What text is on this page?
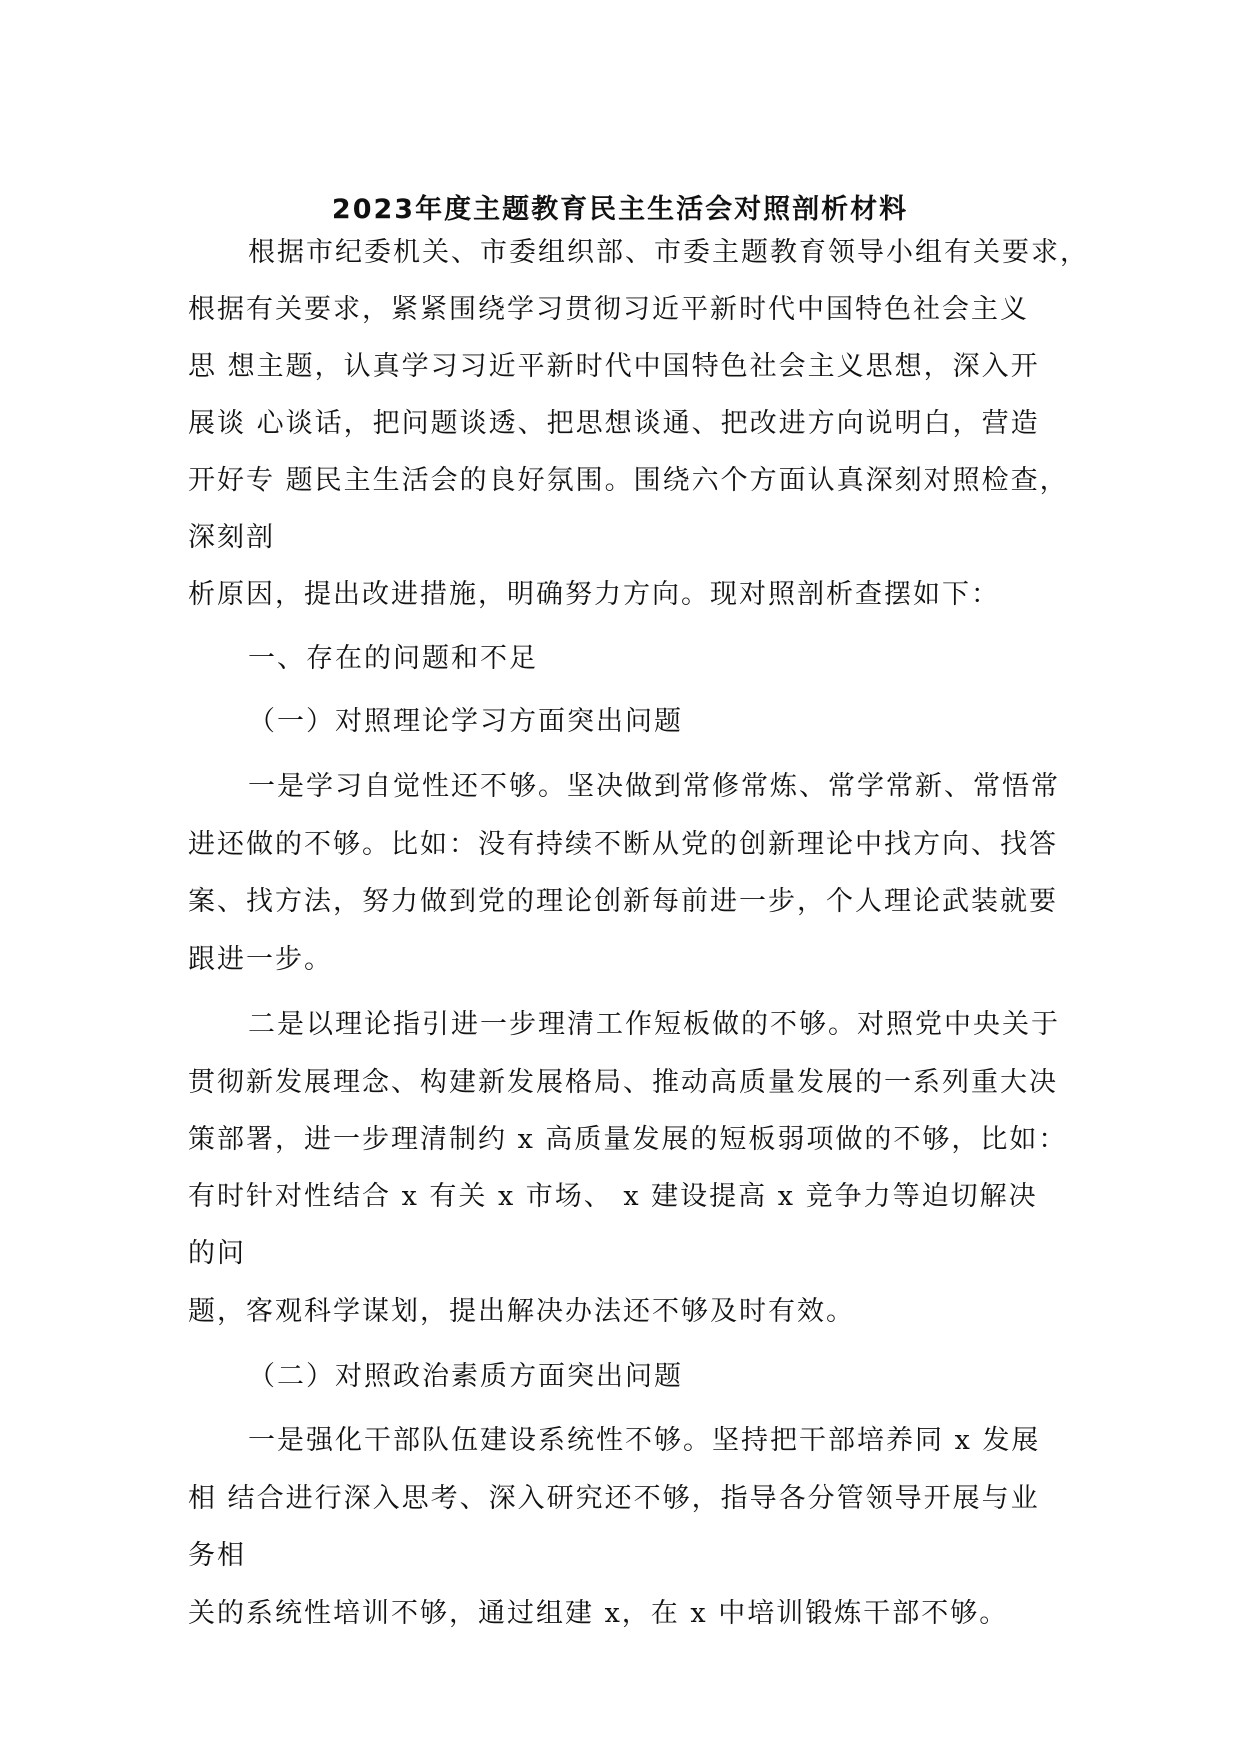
2023年度主题教育民主生活会对照剖析材料
根据市纪委机关、市委组织部、市委主题教育领导小组有关要求，
根据有关要求，紧紧围绕学习贯彻习近平新时代中国特色社会主义
思 想主题，认真学习习近平新时代中国特色社会主义思想，深入开
展谈 心谈话，把问题谈透、把思想谈通、把改进方向说明白，营造
开好专 题民主生活会的良好氛围。围绕六个方面认真深刻对照检查，
深刻剖
析原因，提出改进措施，明确努力方向。现对照剖析查摆如下：
一、存在的问题和不足
（一）对照理论学习方面突出问题
一是学习自觉性还不够。坚决做到常修常炼、常学常新、常悟常
进还做的不够。比如：没有持续不断从党的创新理论中找方向、找答
案、找方法，努力做到党的理论创新每前进一步，个人理论武装就要
跟进一步。
二是以理论指引进一步理清工作短板做的不够。对照党中央关于
贯彻新发展理念、构建新发展格局、推动高质量发展的一系列重大决
策部署，进一步理清制约 x 高质量发展的短板弱项做的不够，比如：
有时针对性结合 x 有关 x 市场、 x 建设提高 x 竞争力等迫切解决
的问
题，客观科学谋划，提出解决办法还不够及时有效。
（二）对照政治素质方面突出问题
一是强化干部队伍建设系统性不够。坚持把干部培养同 x 发展
相 结合进行深入思考、深入研究还不够，指导各分管领导开展与业
务相
关的系统性培训不够，通过组建 x，在 x 中培训锻炼干部不够。
